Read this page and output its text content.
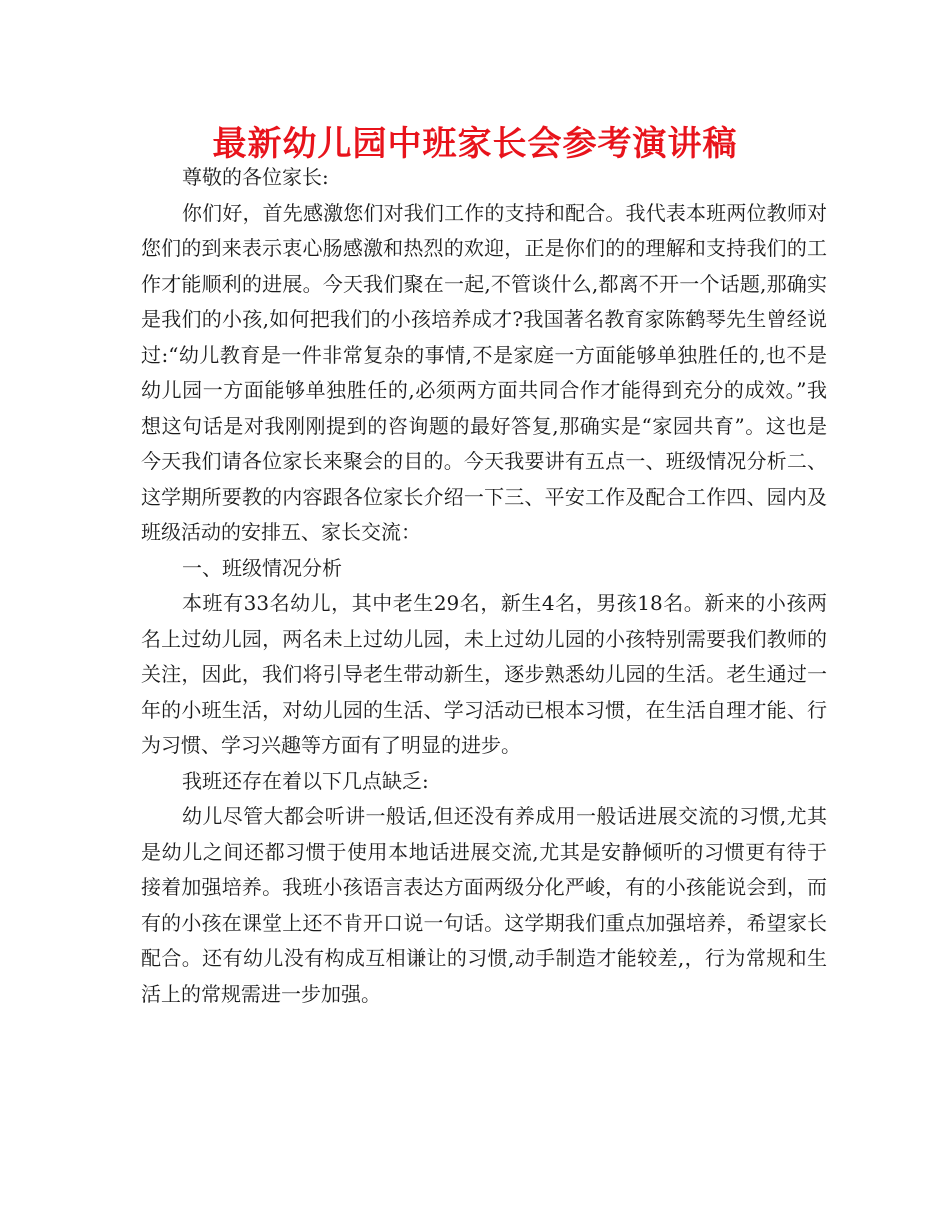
最新幼儿园中班家长会参考演讲稿

尊敬的各位家长:

你们好，首先感激您们对我们工作的支持和配合。我代表本班两位教师对您们的到来表示衷心肠感激和热烈的欢迎，正是你们的的理解和支持我们的工作才能顺利的进展。今天我们聚在一起,不管谈什么,都离不开一个话题,那确实是我们的小孩,如何把我们的小孩培养成才?我国著名教育家陈鹤琴先生曾经说过:“幼儿教育是一件非常复杂的事情,不是家庭一方面能够单独胜任的,也不是幼儿园一方面能够单独胜任的,必须两方面共同合作才能得到充分的成效。”我想这句话是对我刚刚提到的咨询题的最好答复,那确实是“家园共育”。这也是今天我们请各位家长来聚会的目的。今天我要讲有五点一、班级情况分析二、这学期所要教的内容跟各位家长介绍一下三、平安工作及配合工作四、园内及班级活动的安排五、家长交流：

一、班级情况分析

本班有33名幼儿，其中老生29名，新生4名，男孩18名。新来的小孩两名上过幼儿园，两名未上过幼儿园，未上过幼儿园的小孩特别需要我们教师的关注，因此，我们将引导老生带动新生，逐步熟悉幼儿园的生活。老生通过一年的小班生活，对幼儿园的生活、学习活动已根本习惯，在生活自理才能、行为习惯、学习兴趣等方面有了明显的进步。

我班还存在着以下几点缺乏:

幼儿尽管大都会听讲一般话,但还没有养成用一般话进展交流的习惯,尤其是幼儿之间还都习惯于使用本地话进展交流,尤其是安静倾听的习惯更有待于接着加强培养。我班小孩语言表达方面两级分化严峻，有的小孩能说会到，而有的小孩在课堂上还不肯开口说一句话。这学期我们重点加强培养，希望家长配合。还有幼儿没有构成互相谦让的习惯,动手制造才能较差,，行为常规和生活上的常规需进一步加强。
